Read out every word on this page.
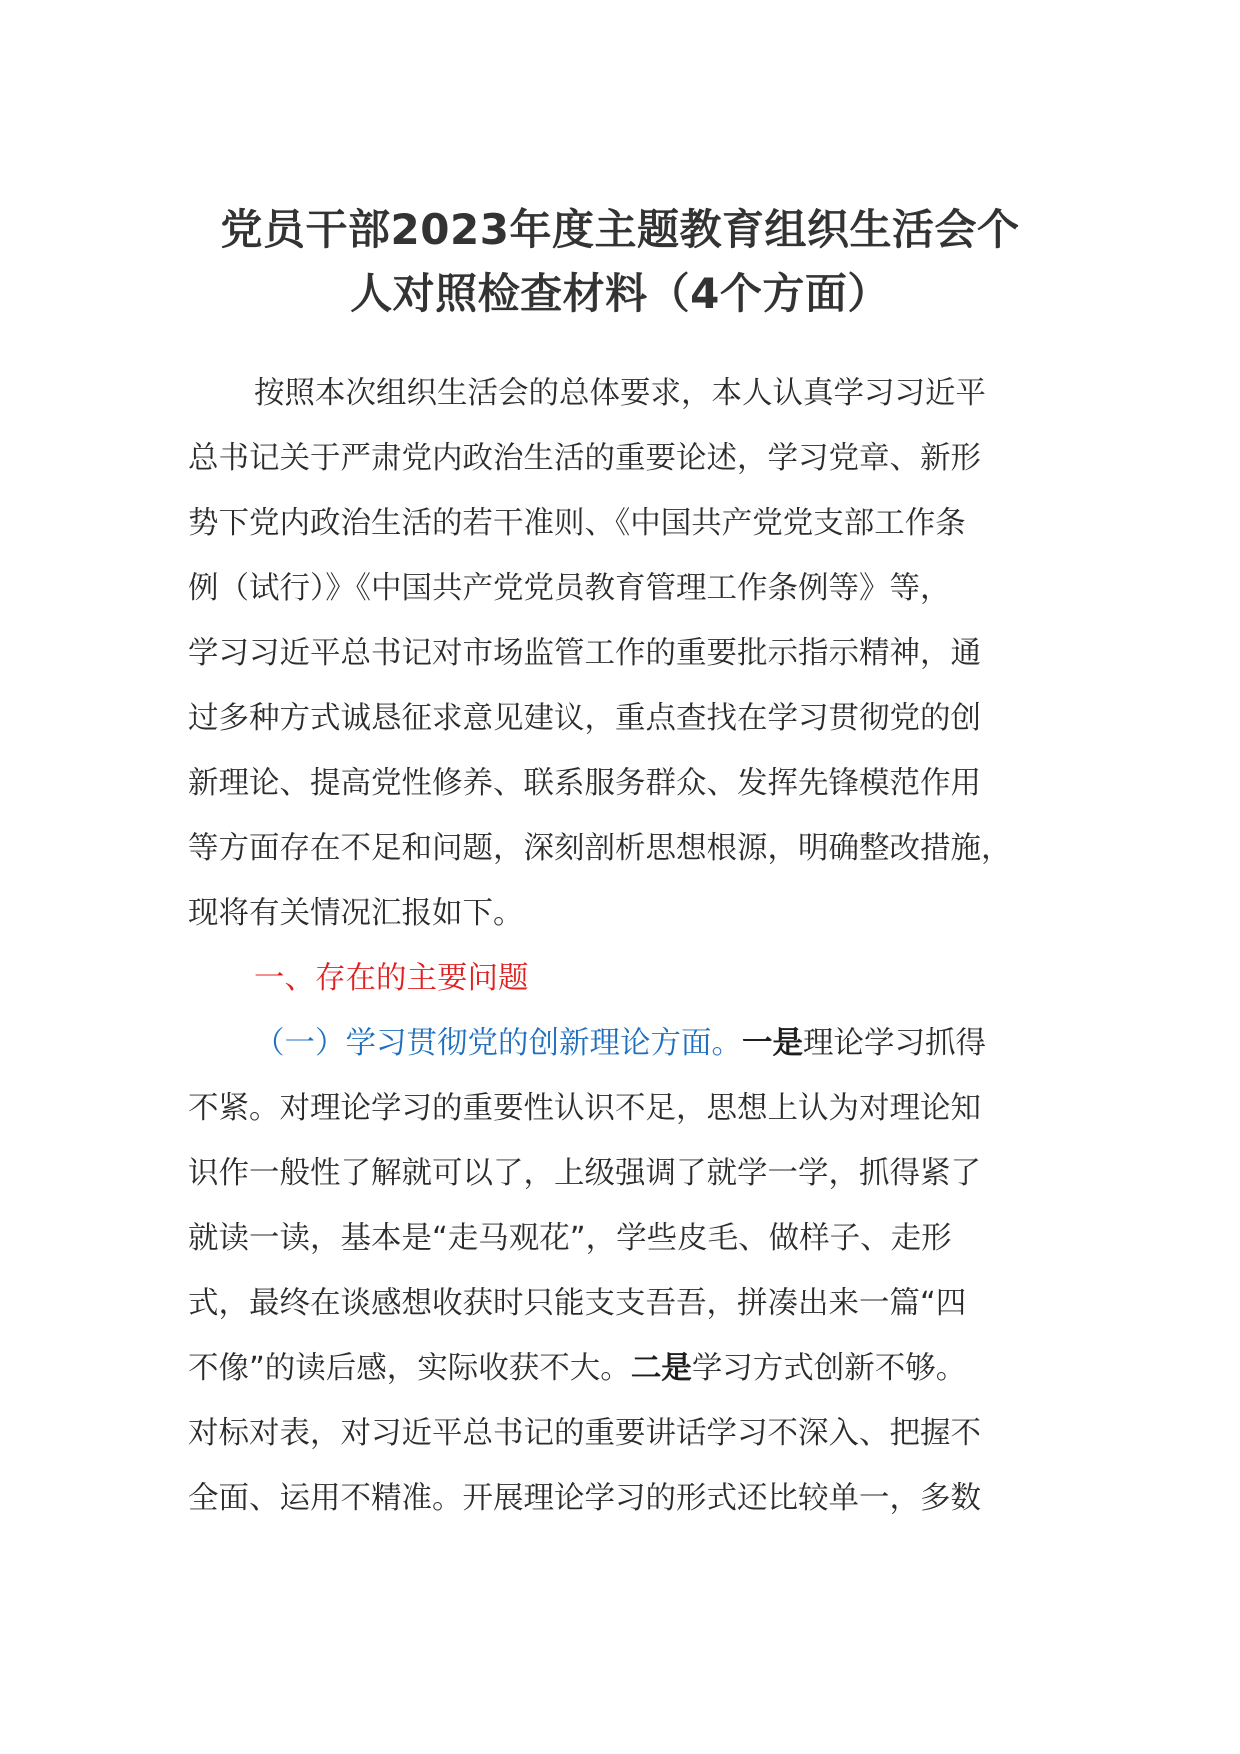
党员干部2023年度主题教育组织生活会个
人对照检查材料（4个方面）
按照本次组织生活会的总体要求，本人认真学习习近平
总书记关于严肃党内政治生活的重要论述，学习党章、新形
势下党内政治生活的若干准则、《中国共产党党支部工作条
例（试行）》《中国共产党党员教育管理工作条例等》等，
学习习近平总书记对市场监管工作的重要批示指示精神，通
过多种方式诚恳征求意见建议，重点查找在学习贯彻党的创
新理论、提高党性修养、联系服务群众、发挥先锋模范作用
等方面存在不足和问题，深刻剖析思想根源，明确整改措施，
现将有关情况汇报如下。
一、存在的主要问题
（一）学习贯彻党的创新理论方面。一是理论学习抓得
不紧。对理论学习的重要性认识不足，思想上认为对理论知
识作一般性了解就可以了，上级强调了就学一学，抓得紧了
就读一读，基本是“走马观花”，学些皮毛、做样子、走形
式，最终在谈感想收获时只能支支吾吾，拼凑出来一篇“四
不像”的读后感，实际收获不大。二是学习方式创新不够。
对标对表，对习近平总书记的重要讲话学习不深入、把握不
全面、运用不精准。开展理论学习的形式还比较单一，多数
